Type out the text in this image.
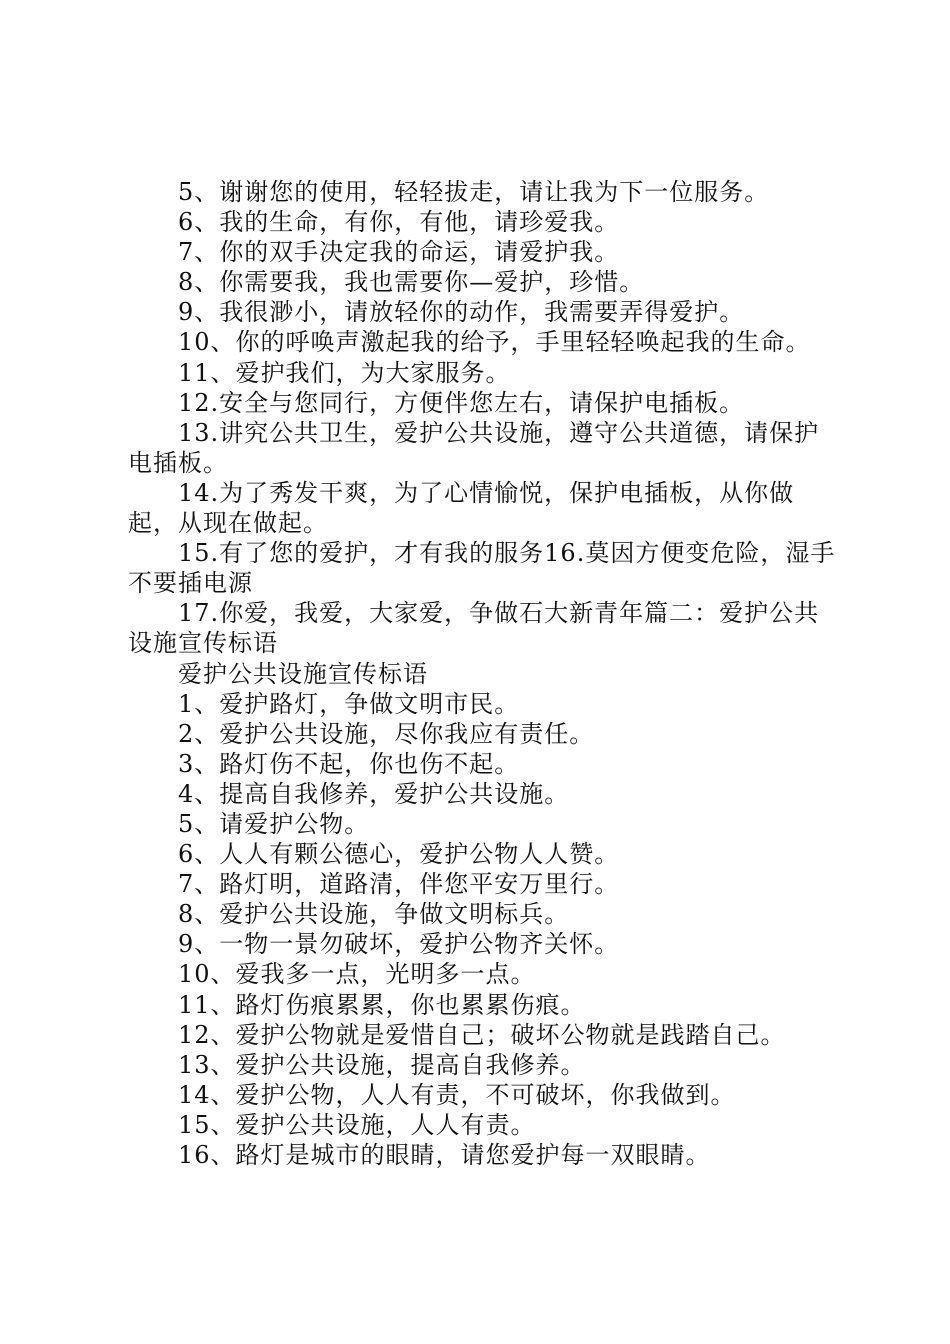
5、谢谢您的使用，轻轻拔走，请让我为下一位服务。

6、我的生命，有你，有他，请珍爱我。

7、你的双手决定我的命运，请爱护我。

8、你需要我，我也需要你—爱护，珍惜。

9、我很渺小，请放轻你的动作，我需要弄得爱护。

10、你的呼唤声激起我的给予，手里轻轻唤起我的生命。

11、爱护我们，为大家服务。

12.安全与您同行，方便伴您左右，请保护电插板。

13.讲究公共卫生，爱护公共设施，遵守公共道德，请保护电插板。

14.为了秀发干爽，为了心情愉悦，保护电插板，从你做起，从现在做起。

15.有了您的爱护，才有我的服务16.莫因方便变危险，湿手不要插电源

17.你爱，我爱，大家爱，争做石大新青年篇二：爱护公共设施宣传标语

爱护公共设施宣传标语

1、爱护路灯，争做文明市民。

2、爱护公共设施，尽你我应有责任。

3、路灯伤不起，你也伤不起。

4、提高自我修养，爱护公共设施。

5、请爱护公物。

6、人人有颗公德心，爱护公物人人赞。

7、路灯明，道路清，伴您平安万里行。

8、爱护公共设施，争做文明标兵。

9、一物一景勿破坏，爱护公物齐关怀。

10、爱我多一点，光明多一点。

11、路灯伤痕累累，你也累累伤痕。

12、爱护公物就是爱惜自己；破坏公物就是践踏自己。

13、爱护公共设施，提高自我修养。

14、爱护公物，人人有责，不可破坏，你我做到。

15、爱护公共设施，人人有责。

16、路灯是城市的眼睛，请您爱护每一双眼睛。
